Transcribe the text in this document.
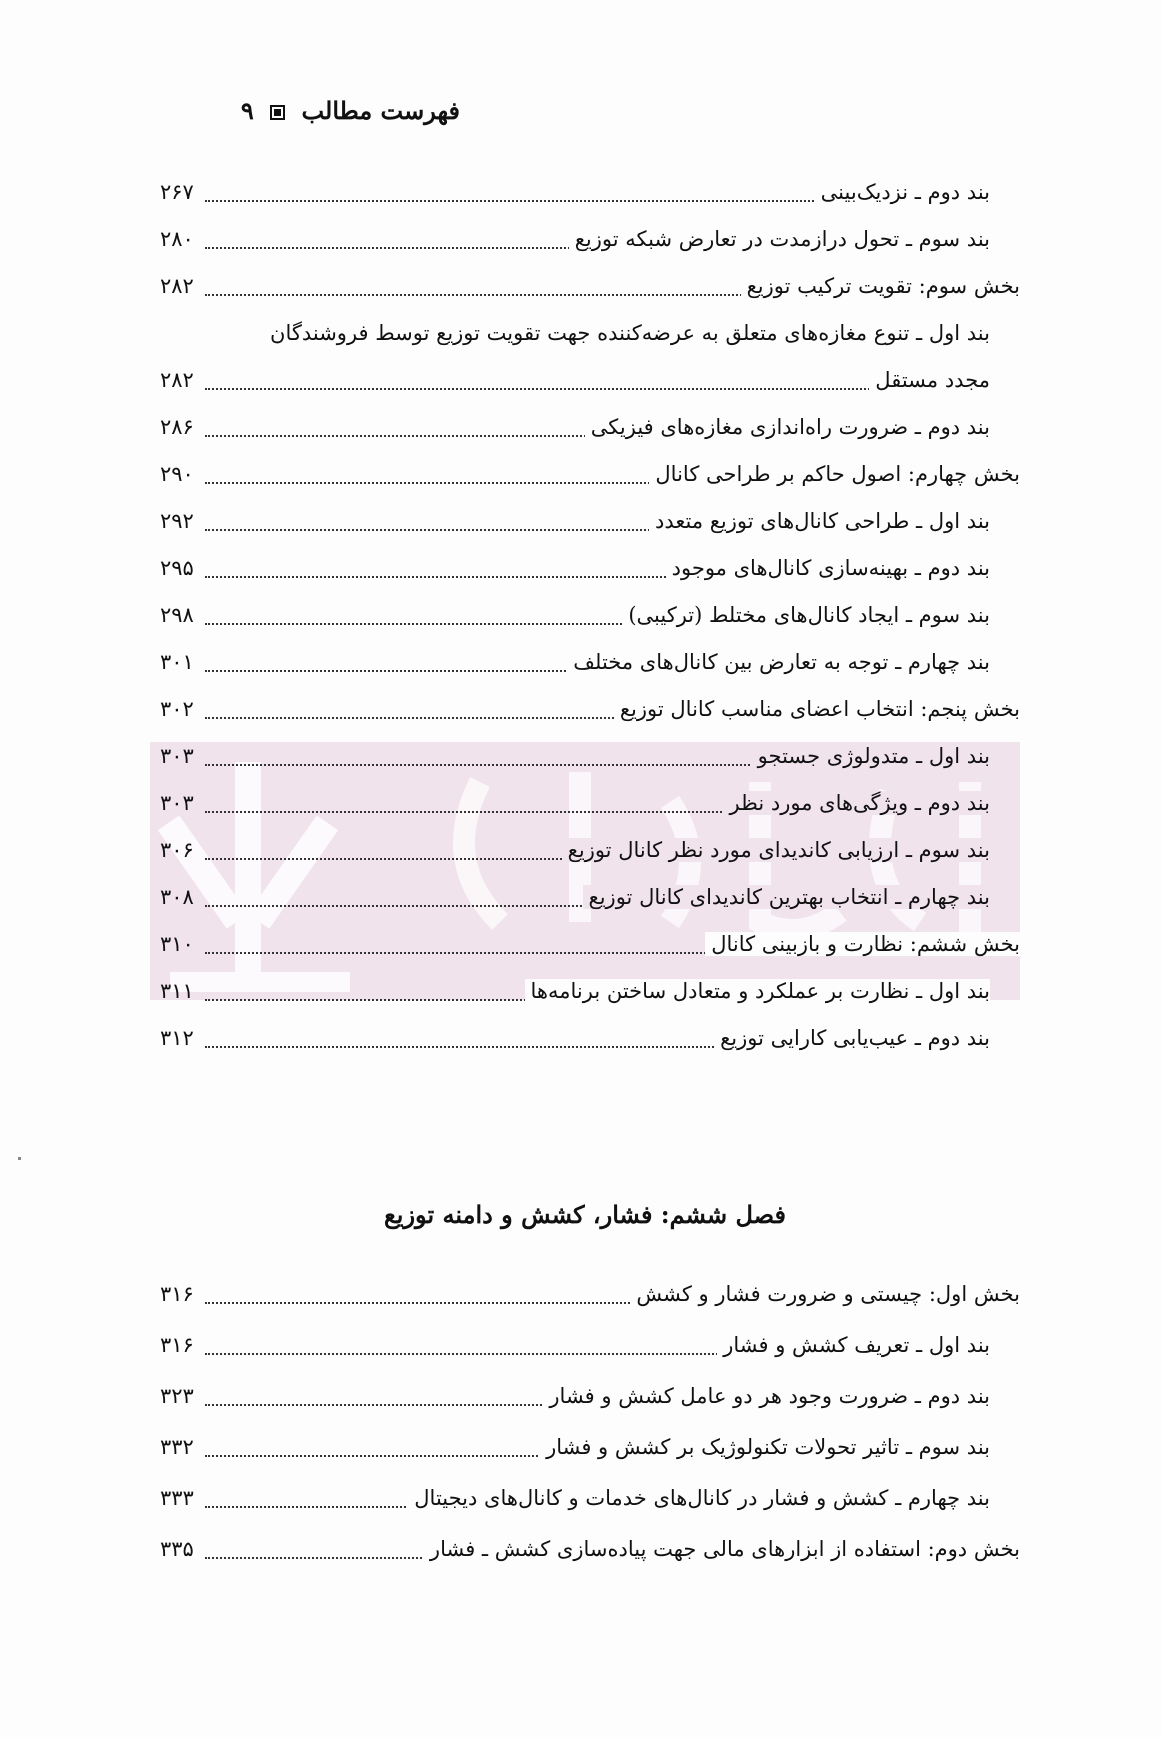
فهرست مطالب  ۹
۲۶۷	بند دوم ـ نزدیک‌بینی
۲۸۰	بند سوم ـ تحول درازمدت در تعارض شبکه توزیع
۲۸۲	بخش سوم: تقویت ترکیب توزیع
بند اول ـ تنوع مغازه‌های متعلق به عرضه‌کننده جهت تقویت توزیع توسط فروشندگان
۲۸۲	مجدد مستقل
۲۸۶	بند دوم ـ ضرورت راه‌اندازی مغازه‌های فیزیکی
۲۹۰	بخش چهارم: اصول حاکم بر طراحی کانال
۲۹۲	بند اول ـ طراحی کانال‌های توزیع متعدد
۲۹۵	بند دوم ـ بهینه‌سازی کانال‌های موجود
۲۹۸	بند سوم ـ ایجاد کانال‌های مختلط (ترکیبی)
۳۰۱	بند چهارم ـ توجه به تعارض بین کانال‌های مختلف
۳۰۲	بخش پنجم: انتخاب اعضای مناسب کانال توزیع
۳۰۳	بند اول ـ متدولوژی جستجو
۳۰۳	بند دوم ـ ویژگی‌های مورد نظر
۳۰۶	بند سوم ـ ارزیابی کاندیدای مورد نظر کانال توزیع
۳۰۸	بند چهارم ـ انتخاب بهترین کاندیدای کانال توزیع
۳۱۰	بخش ششم: نظارت و بازبینی کانال
۳۱۱	بند اول ـ نظارت بر عملکرد و متعادل ساختن برنامه‌ها
۳۱۲	بند دوم ـ عیب‌یابی کارایی توزیع
فصل ششم: فشار، کشش و دامنه توزیع
۳۱۶	بخش اول: چیستی و ضرورت فشار و کشش
۳۱۶	بند اول ـ تعریف کشش و فشار
۳۲۳	بند دوم ـ ضرورت وجود هر دو عامل کشش و فشار
۳۳۲	بند سوم ـ تاثیر تحولات تکنولوژیک بر کشش و فشار
۳۳۳	بند چهارم ـ کشش و فشار در کانال‌های خدمات و کانال‌های دیجیتال
۳۳۵	بخش دوم: استفاده از ابزارهای مالی جهت پیاده‌سازی کشش ـ فشار
